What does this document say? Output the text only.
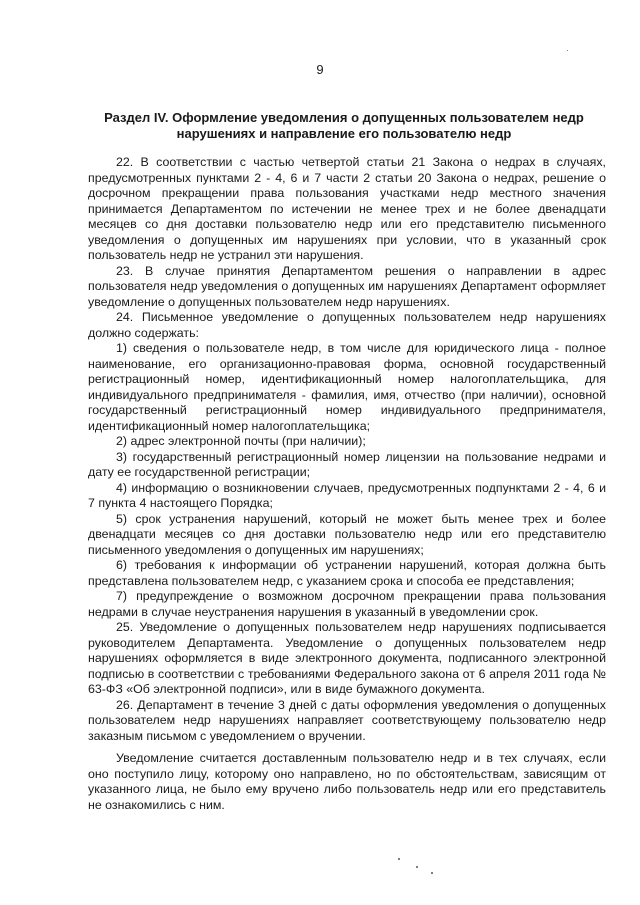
9
Раздел IV. Оформление уведомления о допущенных пользователем недр нарушениях и направление его пользователю недр

22. В соответствии с частью четвертой статьи 21 Закона о недрах в случаях, предусмотренных пунктами 2 - 4, 6 и 7 части 2 статьи 20 Закона о недрах, решение о досрочном прекращении права пользования участками недр местного значения принимается Департаментом по истечении не менее трех и не более двенадцати месяцев со дня доставки пользователю недр или его представителю письменного уведомления о допущенных им нарушениях при условии, что в указанный срок пользователь недр не устранил эти нарушения.

23. В случае принятия Департаментом решения о направлении в адрес пользователя недр уведомления о допущенных им нарушениях Департамент оформляет уведомление о допущенных пользователем недр нарушениях.

24. Письменное уведомление о допущенных пользователем недр нарушениях должно содержать:

1) сведения о пользователе недр, в том числе для юридического лица - полное наименование, его организационно-правовая форма, основной государственный регистрационный номер, идентификационный номер налогоплательщика, для индивидуального предпринимателя - фамилия, имя, отчество (при наличии), основной государственный регистрационный номер индивидуального предпринимателя, идентификационный номер налогоплательщика;

2) адрес электронной почты (при наличии);

3) государственный регистрационный номер лицензии на пользование недрами и дату ее государственной регистрации;

4) информацию о возникновении случаев, предусмотренных подпунктами 2 - 4, 6 и 7 пункта 4 настоящего Порядка;

5) срок устранения нарушений, который не может быть менее трех и более двенадцати месяцев со дня доставки пользователю недр или его представителю письменного уведомления о допущенных им нарушениях;

6) требования к информации об устранении нарушений, которая должна быть представлена пользователем недр, с указанием срока и способа ее представления;

7) предупреждение о возможном досрочном прекращении права пользования недрами в случае неустранения нарушения в указанный в уведомлении срок.

25. Уведомление о допущенных пользователем недр нарушениях подписывается руководителем Департамента. Уведомление о допущенных пользователем недр нарушениях оформляется в виде электронного документа, подписанного электронной подписью в соответствии с требованиями Федерального закона от 6 апреля 2011 года № 63-ФЗ «Об электронной подписи», или в виде бумажного документа.

26. Департамент в течение 3 дней с даты оформления уведомления о допущенных пользователем недр нарушениях направляет соответствующему пользователю недр заказным письмом с уведомлением о вручении.

Уведомление считается доставленным пользователю недр и в тех случаях, если оно поступило лицу, которому оно направлено, но по обстоятельствам, зависящим от указанного лица, не было ему вручено либо пользователь недр или его представитель не ознакомились с ним.
